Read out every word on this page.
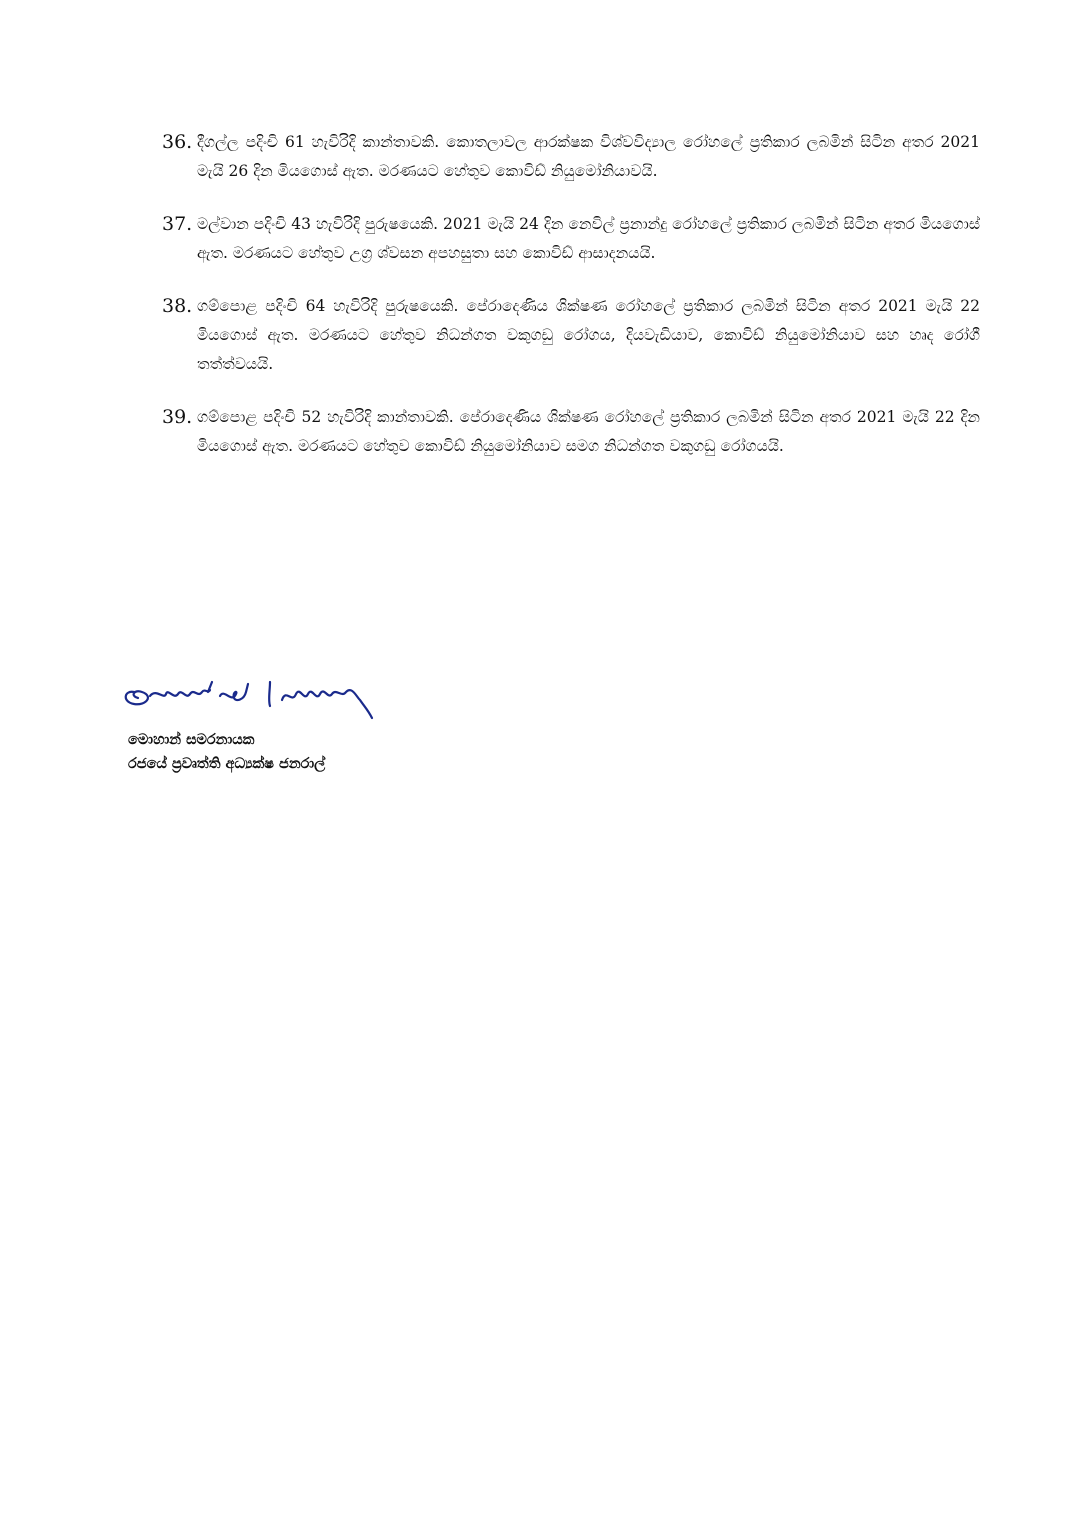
36. දීගල්ල පදිංචි 61 හැවිරිදි කාන්තාවකි. කොතලාවල ආරක්ෂක විශ්වවිද්‍යාල රෝහලේ ප්‍රතිකාර ලබමින් සිටින අතර 2021 මැයි 26 දින මියගොස් ඇත. මරණයට හේතුව කොවිඩ් නියුමෝනියාවයි.
37. මල්වාන පදිංචි 43 හැවිරිදි පුරුෂයෙකි. 2021 මැයි 24 දින නෙවිල් ප්‍රනාන්දු රෝහලේ ප්‍රතිකාර ලබමින් සිටින අතර මියගොස් ඇත. මරණයට හේතුව උග්‍ර ශ්වසන අපහසුතා සහ කොවිඩ් ආසාදනයයි.
38. ගම්පොළ පදිංචි 64 හැවිරිදි පුරුෂයෙකි. පේරාදෙණිය ශික්ෂණ රෝහලේ ප්‍රතිකාර ලබමින් සිටින අතර 2021 මැයි 22 මියගොස් ඇත. මරණයට හේතුව නිධන්ගත වකුගඩු රෝගය, දියවැඩියාව, කොවිඩ් නියුමෝනියාව සහ හෘද රෝගී තත්ත්වයයි.
39. ගම්පොළ පදිංචි 52 හැවිරිදි කාන්තාවකි. පේරාදෙණිය ශික්ෂණ රෝහලේ ප්‍රතිකාර ලබමින් සිටින අතර 2021 මැයි 22 දින මියගොස් ඇත. මරණයට හේතුව කොවිඩ් නියුමෝනියාව සමග නිධන්ගත වකුගඩු රෝගයයි.
මොහාන් සමරනායක
රජයේ ප්‍රවෘත්ති අධ්‍යක්ෂ ජනරාල්
